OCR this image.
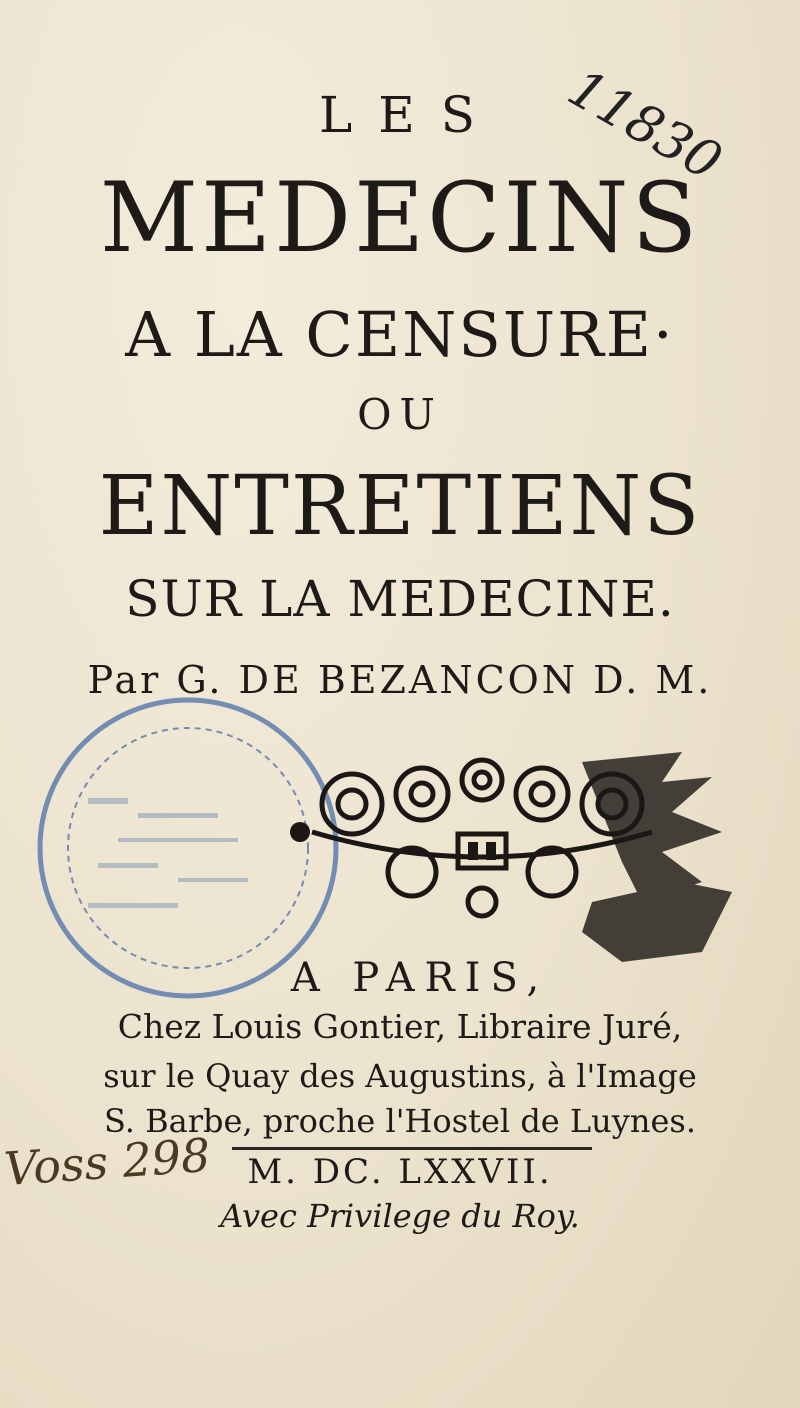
LES	11830
MEDECINS
A LA CENSURE·
OU
ENTRETIENS
SUR LA MEDECINE.
Par G. DE BEZANCON D. M.
A PARIS,
Chez Louis Gontier, Libraire Juré,
sur le Quay des Augustins, à l'Image
S. Barbe, proche l'Hostel de Luynes.
Voss 298	M. DC. LXXVII.
Avec Privilege du Roy.
